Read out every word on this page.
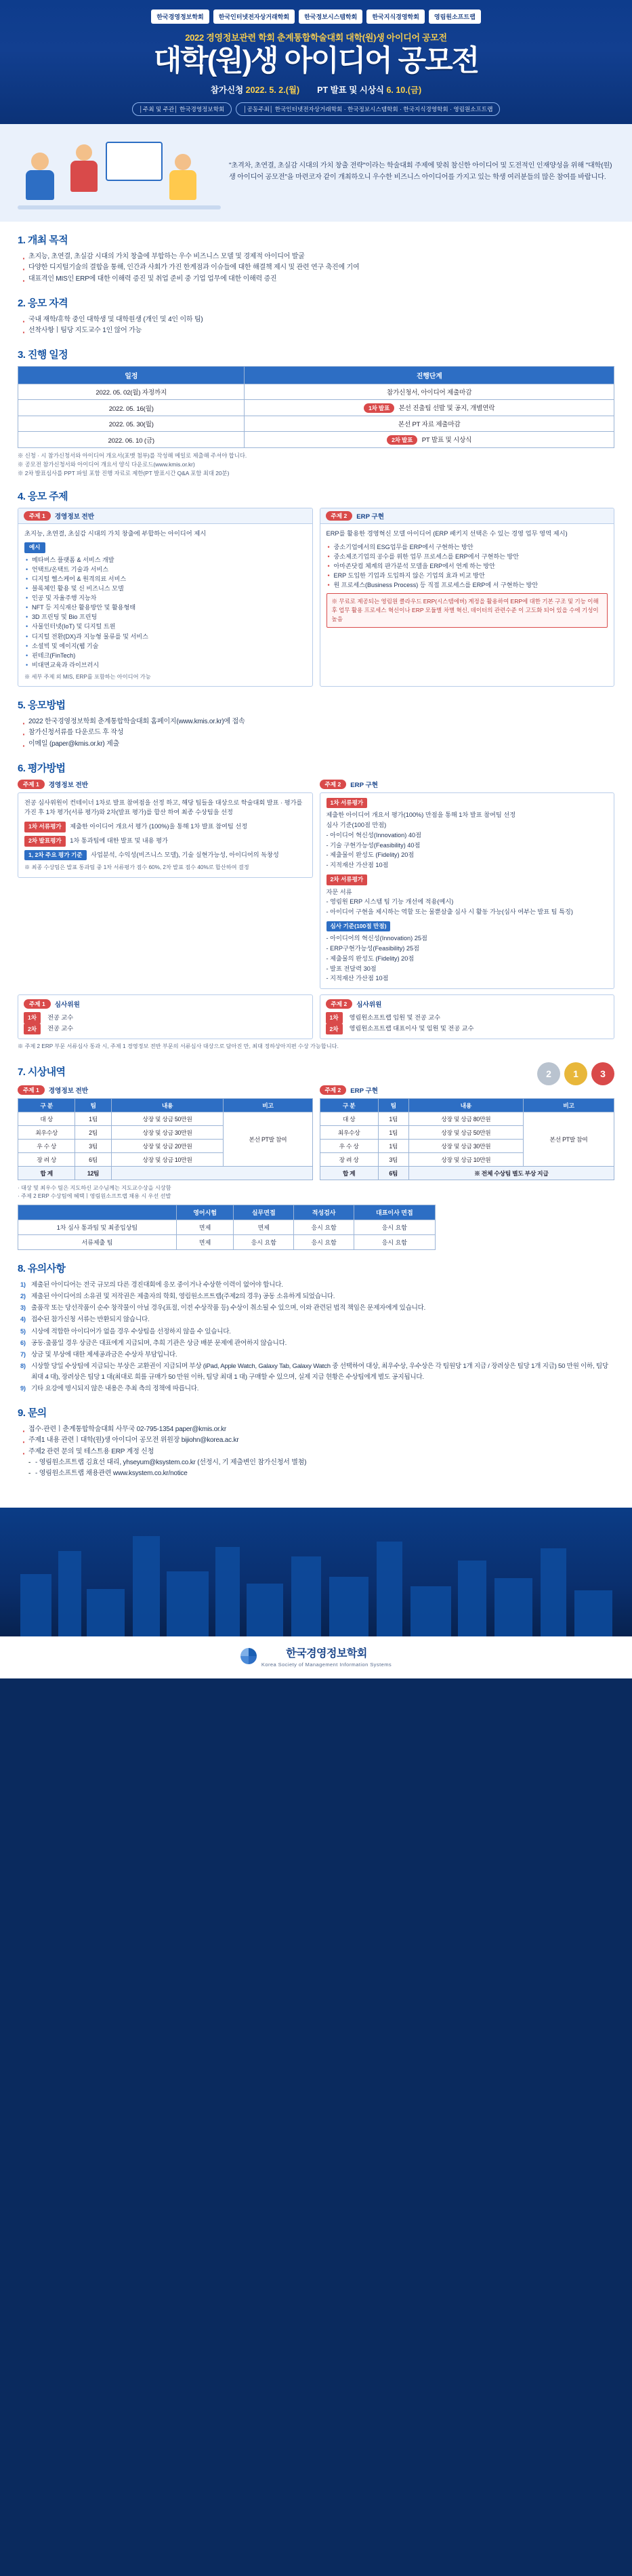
한국경영정보학회	한국인터넷전자상거래학회	한국정보시스템학회	한국지식경영학회	영림원소프트랩
2022 경영정보관련 학회 춘계통합학술대회 대학(원)생 아이디어 공모전
대학(원)생 아이디어 공모전
참가신청 2022. 5. 2.(월) PT 발표 및 시상식 6. 10.(금)
│주최 및 주관│ 한국경영정보학회	│공동주최│ 한국인터넷전자상거래학회 · 한국정보시스템학회 · 한국지식경영학회 · 영림원소프트랩
"초격차, 초연결, 초실감 시대의 가치 창출 전략"이라는 학술대회 주제에 맞춰 참신한 아이디어 및 도전적인 인재양성을 위해 "대학(원)생 아이디어 공모전"을 마련코자 같이 개최하오니 우수한 비즈니스 아이디어를 가지고 있는 학생 여러분들의 많은 참여를 바랍니다.
1. 개최 목적
· 초지능, 초연결, 초실감 시대의 가치 창출에 부합하는 우수 비즈니스 모델 및 경제적 아이디어 발굴
· 다양한 디지털기술의 결합을 통해, 인간과 사회가 가진 한계점과 이슈들에 대한 해결책 제시 및 관련 연구 축진에 기여
· 대표격인 MIS인 ERP에 대한 이해력 증진 및 취업 준비 중 기업 업무에 대한 이해력 증진
2. 응모 자격
· 국내 재학/휴학 중인 대학생 및 대학원생 (개인 및 4인 이하 팀)
· 선착사항ㅣ팀당 지도교수 1인 않어 가능
3. 진행 일정
일정	진행단계
2022. 05. 02(월) 자정까지	참가신청서, 아이디어 제출마감
2022. 05. 16(월)	1차 발표 본선 진출팀 선발 및 공지, 개별연락
2022. 05. 30(월)	본선 PT 자료 제출마감
2022. 06. 10 (금)	2차 발표 PT 발표 및 시상식
※ 신청 · 시 참가신청서와 아이디어 개요서(포맷 첨부)를 작성해 메일로 제출해 주셔야 합니다.
※ 공모전 참가신청서와 아이디어 개요서 양식 다운로드(www.kmis.or.kr)
※ 2차 발표심사를 PPT 파일 포함 진행 자료로 제한(PT 발표시간 Q&A 포함 최대 20분)
4. 응모 주제
주제 1	경영정보 전반
초지능, 초연결, 초실감 시대의 가치 창출에 부합하는 아이디어 제시
예시
• 메타버스 플랫폼 & 서비스 개발
• 언택트/온택트 기술과 서비스
• 디지털 헬스케어 & 원격의료 서비스
• 블록체인 활용 및 신 비즈니스 모델
• 인공 및 자율주행 지능차
• NFT 등 지식재산 활용방안 및 활용형태
• 3D 프린팅 및 Bio 프린팅
• 사물인터넷(IoT) 및 디지털 트윈
• 디지털 전환(DX)과 지능형 물류를 및 서비스
• 소셜빅 및 에이지(웹 기술
• 핀테크(FinTech)
• 비대면교육과 라이브러시
※ 세부 주제 외 MIS, ERP를 포함하는 아이디어 가능
주제 2	ERP 구현
ERP를 활용한 경영혁신 모델 아이디어 (ERP 패키지 선택은 수 있는 경영 업무 영역 제시)
• 중소기업에서의 ESG업무를 ERP에서 구현하는 방안
• 중소제조기업의 공수를 위한 업무 프로세스를 ERP에서 구현하는 방안
• 아마존닷컴 체계의 판가분석 모델을 ERP에서 연계 하는 방안
• ERP 도입한 기업과 도입하지 않은 기업의 효과 비교 방안
• 원 프로세스(Business Process) 등 직접 프로세스를 ERP에 서 구현하는 방안
※ 무료로 제공되는 영림원 클라우드 ERP(시스템에버) 계정을 활용하여 ERP에 대한 기본 구조 및 기능 이해 후 업무 활용 프로세스 혁신이나 ERP 모듈별 차별 혁신, 데이터의 관련수준 이 고도화 되어 있을 수에 기성이 높음
5. 응모방법
· 2022 한국경영정보학회 춘계통합학술대회 홈페이지(www.kmis.or.kr)에 접속
· 참가신청서류를 다운로드 후 작성
· 이메일 (paper@kmis.or.kr) 제출
6. 평가방법
주제 1	경영정보 전반
전공 심사위원이 컨테이너 1차로 발표 참여점을 선정 하고, 해당 팀들을 대상으로 학술대회 발표 · 평가를 가진 후 1차 평가(서류 평가)와 2차(발표 평가)를 합산 하여 최종 수상팀을 선정
1차 서류평가 제출한 아이디어 개요서 평가 (100%)을 통해 1차 발표 참여팀 선정
2차 발표평가 1차 통과팀에 대한 발표 및 내용 평가
1, 2차 주요 평가 기준 사업분석, 수익성(비즈니스 모델), 기술 실현가능성, 아이디어의 독창성
※ 최종 수상팀은 발표 통과팀 중 1차 서류평가 점수 60%, 2차 발표 점수 40%로 합산하여 결정
주제 2	ERP 구현
1차 서류평가
제출한 아이디어 개요서 평가(100%) 만점을 통해 1차 발표 참여팀 선정
심사 기준(100점 만점)
- 아이디어 혁신성(Innovation) 40점
- 기술 구현가능성(Feasibility) 40점
- 제출물이 완성도 (Fidelity) 20점
- 지적재산 가산점 10점
2차 서류평가
자문 서류
- 영림원 ERP 시스템 팀 기능 개선에 적용(예시)
- 아이디어 구현을 제시하는 역할 또는 물뿐살출 심사 시 활동 가능(심사 여부는 발표 팀 특징)
심사 기준(100점 만점)
- 아이디어의 혁신성(Innovation) 25점
- ERP구현가능성(Feasibility) 25점
- 제출물의 완성도 (Fidelity) 20점
- 발표 전달력 30점
- 지적재산 가산점 10점
주제 1	심사위원
1차	전공 교수
2차	전공 교수
주제 2	심사위원
1차	영림원소프트랩 임원 및 전공 교수
2차	영림원소프트랩 대표이사 및 임원 및 전공 교수
※ 주제 2 ERP 부문 서류심사 통과 시, 주제 1 경영정보 전반 부문의 서류심사 대상으로 담아진 만, 최대 정하상아지편 수상 가능합니다.
7. 시상내역	2	1	3
주제 1	경영정보 전반
구 분	팀	내용	비고
대 상	1팀	상장 및 상금 50만원	본선 PT발 참여
최우수상	2팀	상장 및 상금 30만원	
우 수 상	3팀	상장 및 상금 20만원	
장 려 상	6팀	상장 및 상금 10만원	
합 계	12팀		
주제 2	ERP 구현
구 분	팀	내용	비고
대 상	1팀	상장 및 상금 80만원	본선 PT발 참여
최우수상	1팀	상장 및 상금 50만원	
우 수 상	1팀	상장 및 상금 30만원	
장 려 상	3팀	상장 및 상금 10만원	
합 계	6팀	※ 전체 수상팀 별도 부상 지급	
· 대상 및 최우수 팀은 지도하신 교수님께는 지도교수상을 시상함
· 주제 2 ERP 수상팀에 혜택ㅣ영림원소프트랩 채용 시 우선 선발
	영어시험	실무면접	적성검사	대표이사 면접
1차 심사 통과팀 및 최종입상팀	면제	면제	응시 요함	응시 요함
서류제출 팀	면제	응시 요함	응시 요함	응시 요함
8. 유의사항
제출된 아이디어는 전국 규모의 다른 경진대회에 응모 중이거나 수상한 이력이 없어야 합니다.
제출된 아이디어의 소유권 및 저작권은 제출자의 학회, 영림원소프트랩(주제2의 경우) 공동 소유하게 되었습니다.
출품작 또는 당선작품이 순수 창작물이 아닐 경우(표절, 이전 수상작품 등) 수상이 취소될 수 있으며, 이와 관련된 법적 책임은 문제자에게 있습니다.
접수된 참가신청 서류는 반환되지 않습니다.
시상에 적합한 아이디어가 없을 경우 수상팀을 선정하지 않을 수 있습니다.
공동·출품일 경우 상금은 대표에게 지급되며, 추희 기관은 상금 배분 문제에 관여하지 않습니다.
상금 및 부상에 대한 제세공과금은 수상자 부담입니다.
시상할 당일 수상팀에 지급되는 부상은 교환권이 지급되며 부상 (iPad, Apple Watch, Galaxy Tab, Galaxy Watch 중 선택하여 대상, 최우수상, 우수상은 각 팀원당 1개 지급 / 장려상은 팀당 1개 지급) 50 만원 이하, 팀당 최대 4 대), 장려상은 팀당 1 대(최대로 희를 규매가 50 만원 이하, 팀당 최대 1 대) 구매할 수 있으며, 실제 지급 현황은 수상팀에게 별도 공지됩니다.
기타 요강에 명시되지 않은 내용은 추최 측의 정책에 따릅니다.
9. 문의
· 접수·관련ㅣ춘계통합학술대회 사무국 02-795-1354 paper@kmis.or.kr
· 주제1 내용 관련ㅣ대학(원)생 아이디어 공모전 위원장 bijiohn@korea.ac.kr
· 주제2 관련 문의 및 테스트용 ERP 계정 신청
- - 영림원소프트랩 김효선 대리, yhseyum@ksystem.co.kr (선정시, 기 제출변인 참가신청서 별첨)
- - 영림원소프트랩 채용관련 www.ksystem.co.kr/notice
한국경영정보학회
Korea Society of Management Information Systems
